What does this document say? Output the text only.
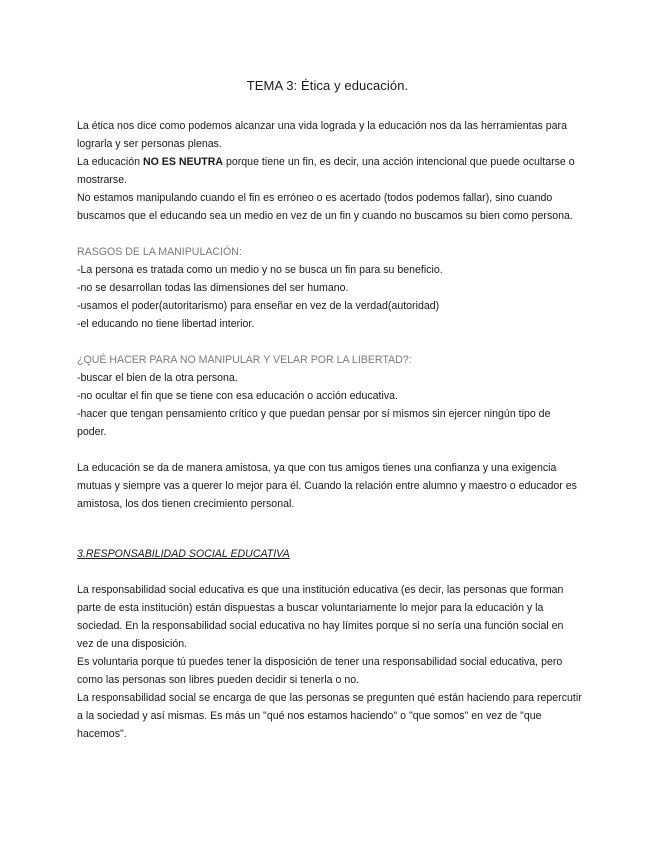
TEMA 3: Ética y educación.

La ética nos dice como podemos alcanzar una vida lograda y la educación nos da las herramientas para lograrla y ser personas plenas.

La educación NO ES NEUTRA porque tiene un fin, es decir, una acción intencional que puede ocultarse o mostrarse.

No estamos manipulando cuando el fin es erróneo o es acertado (todos podemos fallar), sino cuando buscamos que el educando sea un medio en vez de un fin y cuando no buscamos su bien como persona.

RASGOS DE LA MANIPULACIÓN:

-La persona es tratada como un medio y no se busca un fin para su beneficio.

-no se desarrollan todas las dimensiones del ser humano.

-usamos el poder(autoritarismo) para enseñar en vez de la verdad(autoridad)

-el educando no tiene libertad interior.

¿QUÉ HACER PARA NO MANIPULAR Y VELAR POR LA LIBERTAD?:

-buscar el bien de la otra persona.

-no ocultar el fin que se tiene con esa educación o acción educativa.

-hacer que tengan pensamiento crítico y que puedan pensar por sí mismos sin ejercer ningún tipo de poder.

La educación se da de manera amistosa, ya que con tus amigos tienes una confianza y una exigencia mutuas y siempre vas a querer lo mejor para él. Cuando la relación entre alumno y maestro o educador es amistosa, los dos tienen crecimiento personal.

3.RESPONSABILIDAD SOCIAL EDUCATIVA

La responsabilidad social educativa es que una institución educativa (es decir, las personas que forman parte de esta institución) están dispuestas a buscar voluntariamente lo mejor para la educación y la sociedad. En la responsabilidad social educativa no hay límites porque si no sería una función social en vez de una disposición.

Es voluntaria porque tú puedes tener la disposición de tener una responsabilidad social educativa, pero como las personas son libres pueden decidir si tenerla o no.

La responsabilidad social se encarga de que las personas se pregunten qué están haciendo para repercutir a la sociedad y así mismas. Es más un "qué nos estamos haciendo" o "que somos" en vez de "que hacemos".
